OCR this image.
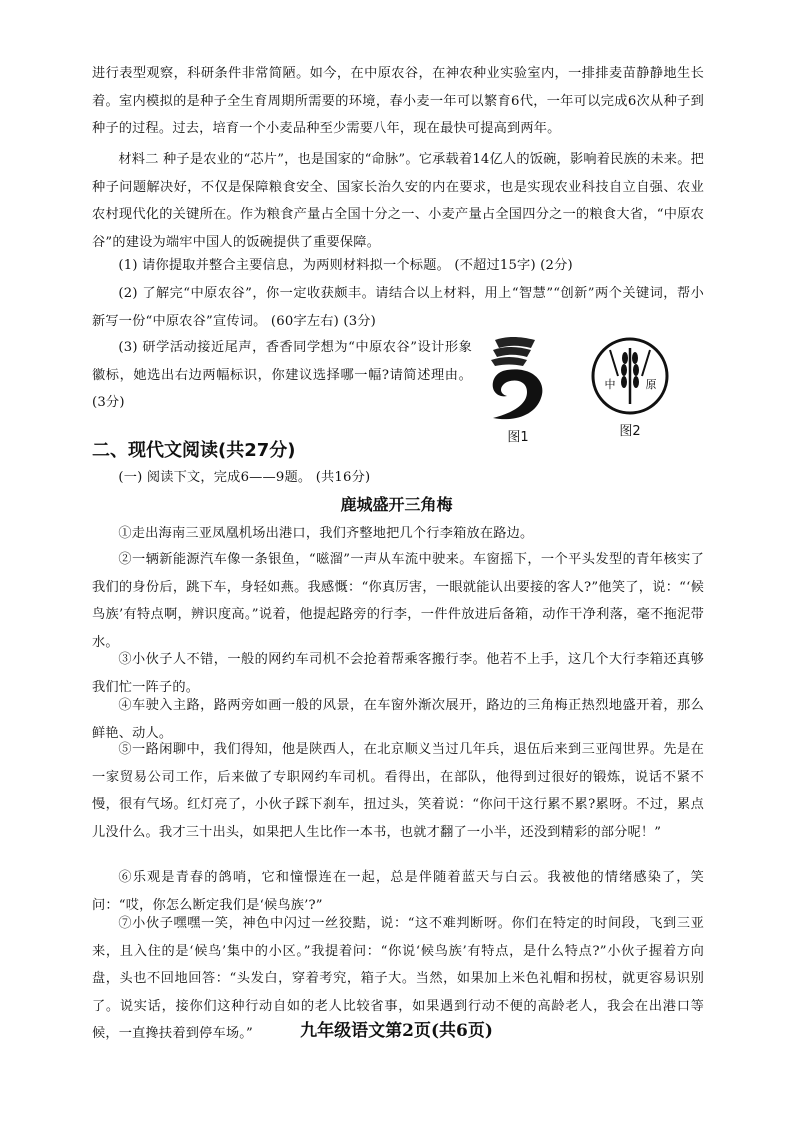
进行表型观察，科研条件非常简陋。如今，在中原农谷，在神农种业实验室内，一排排麦苗静静地生长着。室内模拟的是种子全生育周期所需要的环境，春小麦一年可以繁育6代，一年可以完成6次从种子到种子的过程。过去，培育一个小麦品种至少需要八年，现在最快可提高到两年。

材料二 种子是农业的“芯片”，也是国家的“命脉”。它承载着14亿人的饭碗，影响着民族的未来。把种子问题解决好，不仅是保障粮食安全、国家长治久安的内在要求，也是实现农业科技自立自强、农业农村现代化的关键所在。作为粮食产量占全国十分之一、小麦产量占全国四分之一的粮食大省，“中原农谷”的建设为端牢中国人的饭碗提供了重要保障。

(1) 请你提取并整合主要信息，为两则材料拟一个标题。 (不超过15字) (2分)

(2) 了解完“中原农谷”，你一定收获颇丰。请结合以上材料，用上“智慧”“创新”两个关键词，帮小新写一份“中原农谷”宣传词。 (60字左右) (3分)

(3) 研学活动接近尾声，香香同学想为“中原农谷”设计形象徽标，她选出右边两幅标识，你建议选择哪一幅?请简述理由。(3分)

图1
中	原
图2
二、现代文阅读(共27分)

(一) 阅读下文，完成6——9题。 (共16分)

鹿城盛开三角梅

①走出海南三亚凤凰机场出港口，我们齐整地把几个行李箱放在路边。

②一辆新能源汽车像一条银鱼，“嗞溜”一声从车流中驶来。车窗摇下，一个平头发型的青年核实了我们的身份后，跳下车，身轻如燕。我感慨：“你真厉害，一眼就能认出要接的客人?”他笑了，说：“‘候鸟族’有特点啊，辨识度高。”说着，他提起路旁的行李，一件件放进后备箱，动作干净利落，毫不拖泥带水。

③小伙子人不错，一般的网约车司机不会抢着帮乘客搬行李。他若不上手，这几个大行李箱还真够我们忙一阵子的。

④车驶入主路，路两旁如画一般的风景，在车窗外渐次展开，路边的三角梅正热烈地盛开着，那么鲜艳、动人。

⑤一路闲聊中，我们得知，他是陕西人，在北京顺义当过几年兵，退伍后来到三亚闯世界。先是在一家贸易公司工作，后来做了专职网约车司机。看得出，在部队，他得到过很好的锻炼，说话不紧不慢，很有气场。红灯亮了，小伙子踩下刹车，扭过头，笑着说：“你问干这行累不累?累呀。不过，累点儿没什么。我才三十出头，如果把人生比作一本书，也就才翻了一小半，还没到精彩的部分呢！”

⑥乐观是青春的鸽哨，它和憧憬连在一起，总是伴随着蓝天与白云。我被他的情绪感染了，笑问：“哎，你怎么断定我们是‘候鸟族’?”

⑦小伙子嘿嘿一笑，神色中闪过一丝狡黠，说：“这不难判断呀。你们在特定的时间段，飞到三亚来，且入住的是‘候鸟’集中的小区。”我提着问：“你说‘候鸟族’有特点，是什么特点?”小伙子握着方向盘，头也不回地回答：“头发白，穿着考究，箱子大。当然，如果加上米色礼帽和拐杖，就更容易识别了。说实话，接你们这种行动自如的老人比较省事，如果遇到行动不便的高龄老人，我会在出港口等候，一直搀扶着到停车场。”	九年级语文第2页(共6页)
